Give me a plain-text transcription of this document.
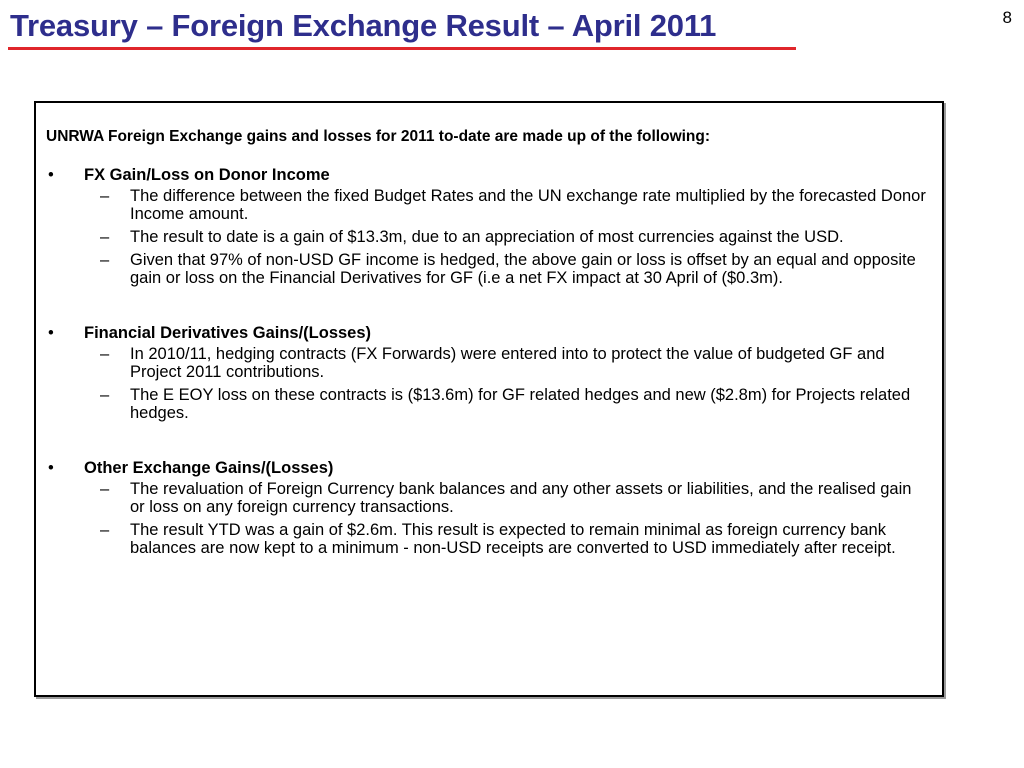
Treasury – Foreign Exchange Result – April 2011	8
UNRWA Foreign Exchange gains and losses for 2011 to-date are made up of the following:
• FX Gain/Loss on Donor Income
– The difference between the fixed Budget Rates and the UN exchange rate multiplied by the forecasted Donor Income amount.
– The result to date is a gain of $13.3m, due to an appreciation of most currencies against the USD.
– Given that 97% of non-USD GF income is hedged, the above gain or loss is offset by an equal and opposite gain or loss on the Financial Derivatives for GF (i.e a net FX impact at 30 April of ($0.3m).
• Financial Derivatives Gains/(Losses)
– In 2010/11, hedging contracts (FX Forwards) were entered into to protect the value of budgeted GF and Project 2011 contributions.
– The E EOY loss on these contracts is ($13.6m) for GF related hedges and new ($2.8m) for Projects related hedges.
• Other Exchange Gains/(Losses)
– The revaluation of Foreign Currency bank balances and any other assets or liabilities, and the realised gain or loss on any foreign currency transactions.
– The result YTD was a gain of $2.6m. This result is expected to remain minimal as foreign currency bank balances are now kept to a minimum - non-USD receipts are converted to USD immediately after receipt.
